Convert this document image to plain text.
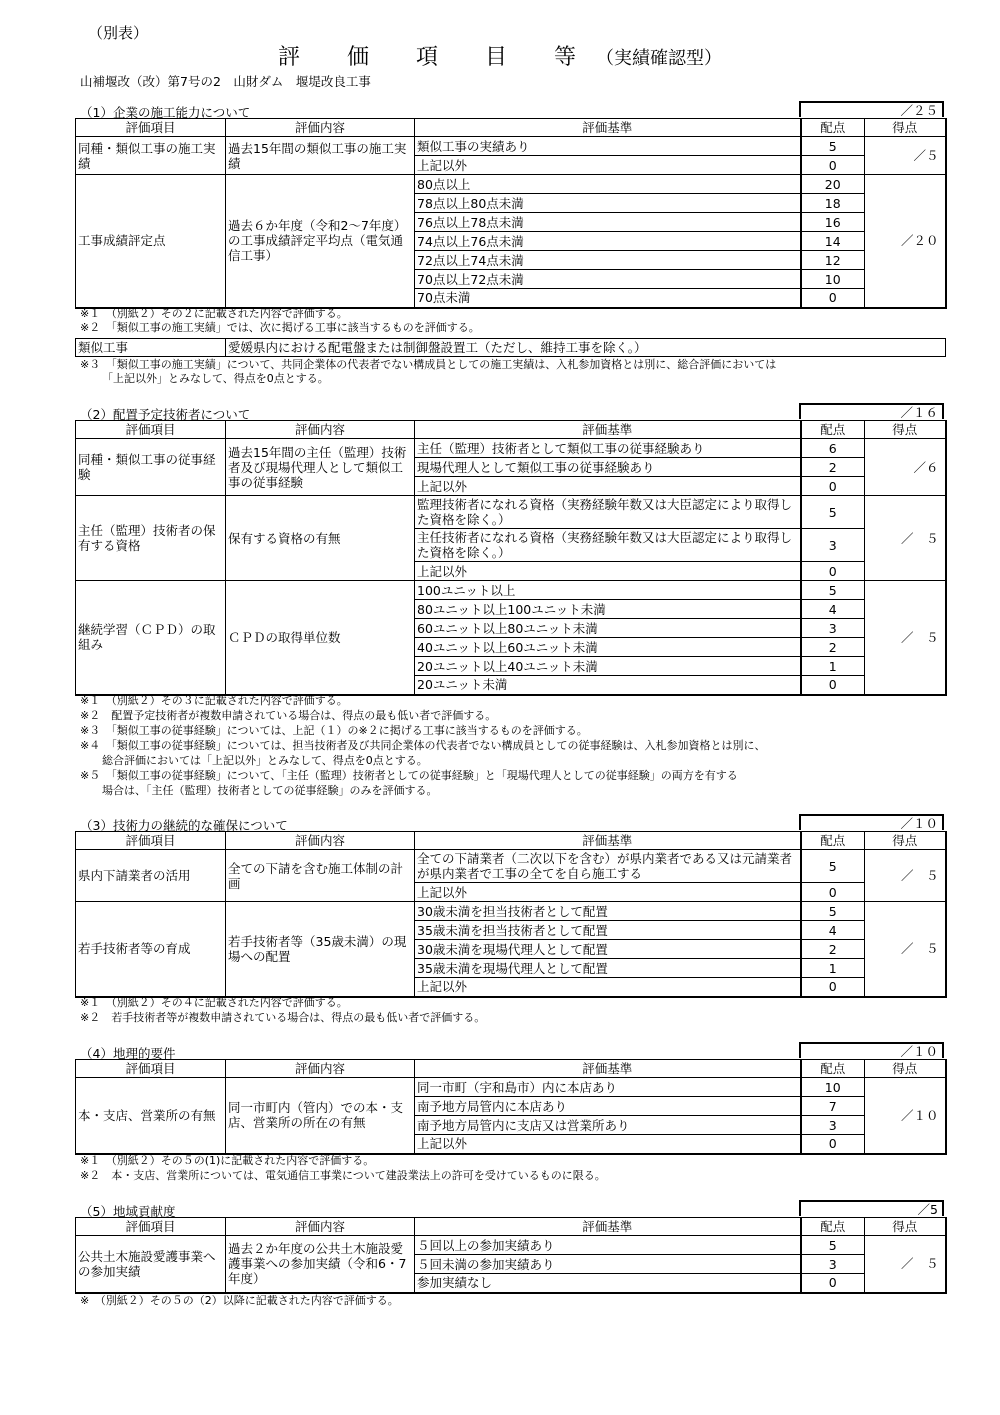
（別表）
評 価 項 目 等（実績確認型）
山補堰改（改）第7号の2　山財ダム　堰堤改良工事
（1）企業の施工能力について	／２５
評価項目	評価内容	評価基準	配点	得点
同種・類似工事の施工実績	過去15年間の類似工事の施工実績	類似工事の実績あり	5	／５
		上記以外	0	
工事成績評定点	過去６か年度（令和2～7年度）の工事成績評定平均点（電気通信工事）	80点以上	20	／２０
		78点以上80点未満	18	
		76点以上78点未満	16	
		74点以上76点未満	14	
		72点以上74点未満	12	
		70点以上72点未満	10	
		70点未満	0	
※１　（別紙２）その２に記載された内容で評価する。
※２　「類似工事の施工実績」では、次に掲げる工事に該当するものを評価する。
類似工事	愛媛県内における配電盤または制御盤設置工（ただし、維持工事を除く。）
※３　「類似工事の施工実績」について、共同企業体の代表者でない構成員としての施工実績は、入札参加資格とは別に、総合評価においては
「上記以外」とみなして、得点を0点とする。
（2）配置予定技術者について	／１６
評価項目	評価内容	評価基準	配点	得点
同種・類似工事の従事経験	過去15年間の主任（監理）技術者及び現場代理人として類似工事の従事経験	主任（監理）技術者として類似工事の従事経験あり	6	／６
		現場代理人として類似工事の従事経験あり	2	
		上記以外	0	
主任（監理）技術者の保有する資格	保有する資格の有無	監理技術者になれる資格（実務経験年数又は大臣認定により取得した資格を除く。）	5	／　５
		主任技術者になれる資格（実務経験年数又は大臣認定により取得した資格を除く。）	3	
		上記以外	0	
継続学習（ＣＰＤ）の取組み	ＣＰＤの取得単位数	100ユニット以上	5	／　５
		80ユニット以上100ユニット未満	4	
		60ユニット以上80ユニット未満	3	
		40ユニット以上60ユニット未満	2	
		20ユニット以上40ユニット未満	1	
		20ユニット未満	0	
※１　（別紙２）その３に記載された内容で評価する。
※２　配置予定技術者が複数申請されている場合は、得点の最も低い者で評価する。
※３　「類似工事の従事経験」については、上記（１）の※２に掲げる工事に該当するものを評価する。
※４　「類似工事の従事経験」については、担当技術者及び共同企業体の代表者でない構成員としての従事経験は、入札参加資格とは別に、
総合評価においては「上記以外」とみなして、得点を0点とする。
※５　「類似工事の従事経験」について、「主任（監理）技術者としての従事経験」と「現場代理人としての従事経験」の両方を有する
場合は、「主任（監理）技術者としての従事経験」のみを評価する。
（3）技術力の継続的な確保について	／１０
評価項目	評価内容	評価基準	配点	得点
県内下請業者の活用	全ての下請を含む施工体制の計画	全ての下請業者（二次以下を含む）が県内業者である又は元請業者が県内業者で工事の全てを自ら施工する	5	／　５
		上記以外	0	
若手技術者等の育成	若手技術者等（35歳未満）の現場への配置	30歳未満を担当技術者として配置	5	／　５
		35歳未満を担当技術者として配置	4	
		30歳未満を現場代理人として配置	2	
		35歳未満を現場代理人として配置	1	
		上記以外	0	
※１　（別紙２）その４に記載された内容で評価する。
※２　若手技術者等が複数申請されている場合は、得点の最も低い者で評価する。
（4）地理的要件	／１０
評価項目	評価内容	評価基準	配点	得点
本・支店、営業所の有無	同一市町内（管内）での本・支店、営業所の所在の有無	同一市町（宇和島市）内に本店あり	10	／１０
		南予地方局管内に本店あり	7	
		南予地方局管内に支店又は営業所あり	3	
		上記以外	0	
※１　（別紙２）その５の(1)に記載された内容で評価する。
※２　本・支店、営業所については、電気通信工事業について建設業法上の許可を受けているものに限る。
（5）地域貢献度	／5
評価項目	評価内容	評価基準	配点	得点
公共土木施設愛護事業への参加実績	過去２か年度の公共土木施設愛護事業への参加実績（令和6・7年度）	５回以上の参加実績あり	5	／　５
		５回未満の参加実績あり	3	
		参加実績なし	0	
※　（別紙２）その５の（2）以降に記載された内容で評価する。
